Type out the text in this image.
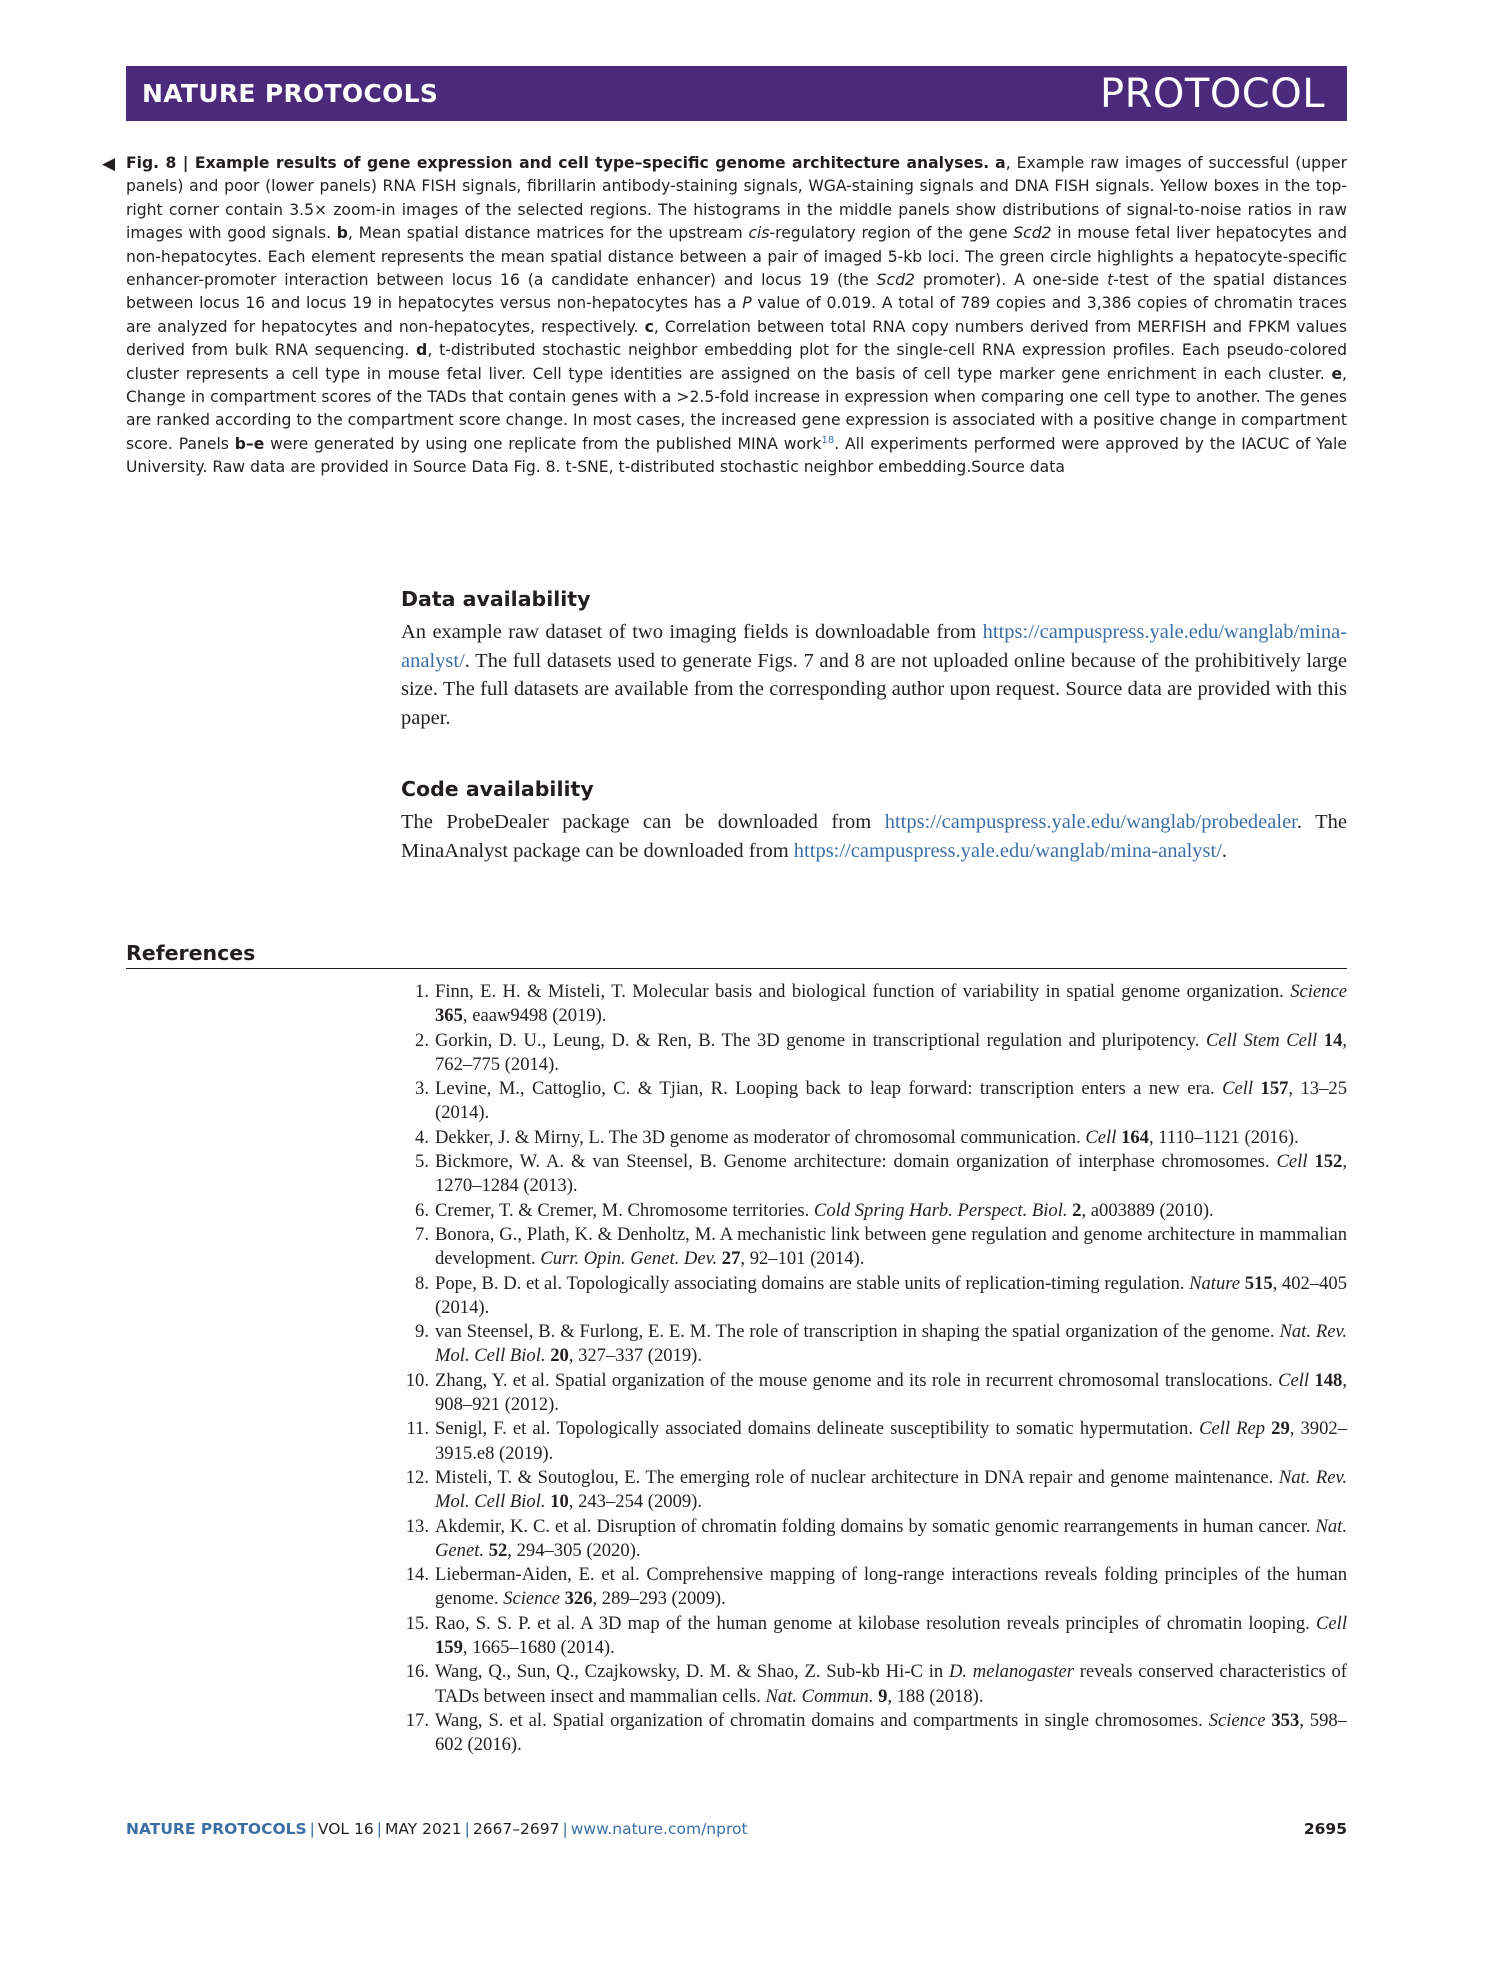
NATURE PROTOCOLS	PROTOCOL
◀ Fig. 8 | Example results of gene expression and cell type–specific genome architecture analyses. a, Example raw images of successful (upper panels) and poor (lower panels) RNA FISH signals, fibrillarin antibody-staining signals, WGA-staining signals and DNA FISH signals. Yellow boxes in the top-right corner contain 3.5× zoom-in images of the selected regions. The histograms in the middle panels show distributions of signal-to-noise ratios in raw images with good signals. b, Mean spatial distance matrices for the upstream cis-regulatory region of the gene Scd2 in mouse fetal liver hepatocytes and non-hepatocytes. Each element represents the mean spatial distance between a pair of imaged 5-kb loci. The green circle highlights a hepatocyte-specific enhancer-promoter interaction between locus 16 (a candidate enhancer) and locus 19 (the Scd2 promoter). A one-side t-test of the spatial distances between locus 16 and locus 19 in hepatocytes versus non-hepatocytes has a P value of 0.019. A total of 789 copies and 3,386 copies of chromatin traces are analyzed for hepatocytes and non-hepatocytes, respectively. c, Correlation between total RNA copy numbers derived from MERFISH and FPKM values derived from bulk RNA sequencing. d, t-distributed stochastic neighbor embedding plot for the single-cell RNA expression profiles. Each pseudo-colored cluster represents a cell type in mouse fetal liver. Cell type identities are assigned on the basis of cell type marker gene enrichment in each cluster. e, Change in compartment scores of the TADs that contain genes with a >2.5-fold increase in expression when comparing one cell type to another. The genes are ranked according to the compartment score change. In most cases, the increased gene expression is associated with a positive change in compartment score. Panels b–e were generated by using one replicate from the published MINA work$^{18}$. All experiments performed were approved by the IACUC of Yale University. Raw data are provided in Source Data Fig. 8. t-SNE, t-distributed stochastic neighbor embedding.Source data
Data availability

An example raw dataset of two imaging fields is downloadable from https://campuspress.yale.edu/wanglab/mina-analyst/. The full datasets used to generate Figs. 7 and 8 are not uploaded online because of the prohibitively large size. The full datasets are available from the corresponding author upon request. Source data are provided with this paper.

Code availability

The ProbeDealer package can be downloaded from https://campuspress.yale.edu/wanglab/probedealer. The MinaAnalyst package can be downloaded from https://campuspress.yale.edu/wanglab/mina-analyst/.

References
1. Finn, E. H. & Misteli, T. Molecular basis and biological function of variability in spatial genome organization. Science 365, eaaw9498 (2019).
2. Gorkin, D. U., Leung, D. & Ren, B. The 3D genome in transcriptional regulation and pluripotency. Cell Stem Cell 14, 762–775 (2014).
3. Levine, M., Cattoglio, C. & Tjian, R. Looping back to leap forward: transcription enters a new era. Cell 157, 13–25 (2014).
4. Dekker, J. & Mirny, L. The 3D genome as moderator of chromosomal communication. Cell 164, 1110–1121 (2016).
5. Bickmore, W. A. & van Steensel, B. Genome architecture: domain organization of interphase chromosomes. Cell 152, 1270–1284 (2013).
6. Cremer, T. & Cremer, M. Chromosome territories. Cold Spring Harb. Perspect. Biol. 2, a003889 (2010).
7. Bonora, G., Plath, K. & Denholtz, M. A mechanistic link between gene regulation and genome architecture in mammalian development. Curr. Opin. Genet. Dev. 27, 92–101 (2014).
8. Pope, B. D. et al. Topologically associating domains are stable units of replication-timing regulation. Nature 515, 402–405 (2014).
9. van Steensel, B. & Furlong, E. E. M. The role of transcription in shaping the spatial organization of the genome. Nat. Rev. Mol. Cell Biol. 20, 327–337 (2019).
10. Zhang, Y. et al. Spatial organization of the mouse genome and its role in recurrent chromosomal translocations. Cell 148, 908–921 (2012).
11. Senigl, F. et al. Topologically associated domains delineate susceptibility to somatic hypermutation. Cell Rep 29, 3902–3915.e8 (2019).
12. Misteli, T. & Soutoglou, E. The emerging role of nuclear architecture in DNA repair and genome maintenance. Nat. Rev. Mol. Cell Biol. 10, 243–254 (2009).
13. Akdemir, K. C. et al. Disruption of chromatin folding domains by somatic genomic rearrangements in human cancer. Nat. Genet. 52, 294–305 (2020).
14. Lieberman-Aiden, E. et al. Comprehensive mapping of long-range interactions reveals folding principles of the human genome. Science 326, 289–293 (2009).
15. Rao, S. S. P. et al. A 3D map of the human genome at kilobase resolution reveals principles of chromatin looping. Cell 159, 1665–1680 (2014).
16. Wang, Q., Sun, Q., Czajkowsky, D. M. & Shao, Z. Sub-kb Hi-C in D. melanogaster reveals conserved characteristics of TADs between insect and mammalian cells. Nat. Commun. 9, 188 (2018).
17. Wang, S. et al. Spatial organization of chromatin domains and compartments in single chromosomes. Science 353, 598–602 (2016).
NATURE PROTOCOLS | VOL 16 | MAY 2021 | 2667–2697 | www.nature.com/nprot	2695
